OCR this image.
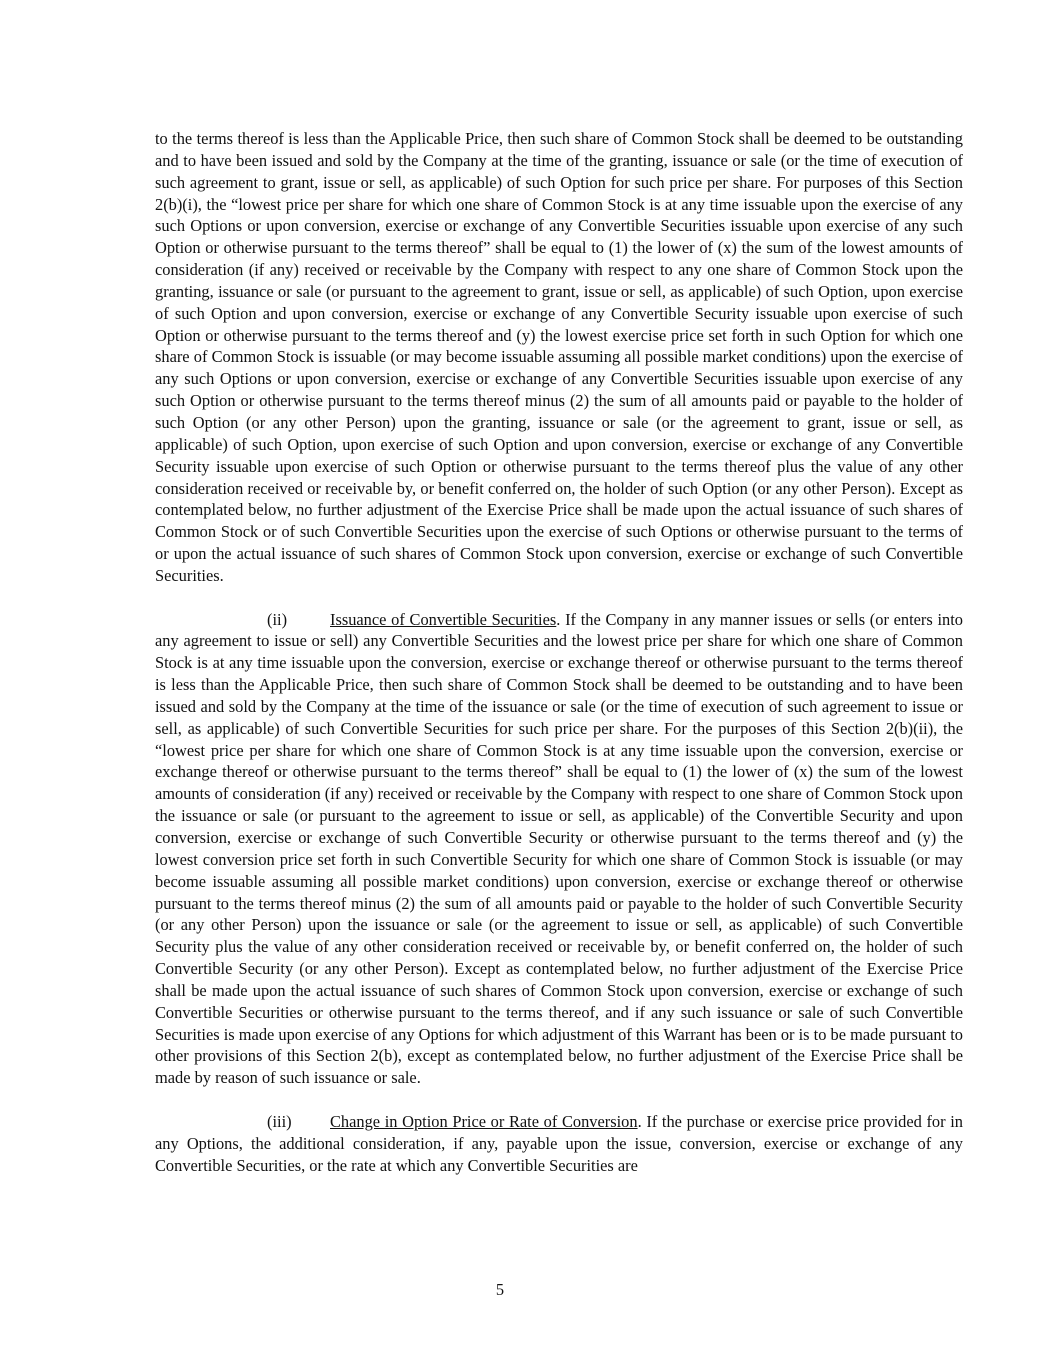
to the terms thereof is less than the Applicable Price, then such share of Common Stock shall be deemed to be outstanding and to have been issued and sold by the Company at the time of the granting, issuance or sale (or the time of execution of such agreement to grant, issue or sell, as applicable) of such Option for such price per share. For purposes of this Section 2(b)(i), the “lowest price per share for which one share of Common Stock is at any time issuable upon the exercise of any such Options or upon conversion, exercise or exchange of any Convertible Securities issuable upon exercise of any such Option or otherwise pursuant to the terms thereof” shall be equal to (1) the lower of (x) the sum of the lowest amounts of consideration (if any) received or receivable by the Company with respect to any one share of Common Stock upon the granting, issuance or sale (or pursuant to the agreement to grant, issue or sell, as applicable) of such Option, upon exercise of such Option and upon conversion, exercise or exchange of any Convertible Security issuable upon exercise of such Option or otherwise pursuant to the terms thereof and (y) the lowest exercise price set forth in such Option for which one share of Common Stock is issuable (or may become issuable assuming all possible market conditions) upon the exercise of any such Options or upon conversion, exercise or exchange of any Convertible Securities issuable upon exercise of any such Option or otherwise pursuant to the terms thereof minus (2) the sum of all amounts paid or payable to the holder of such Option (or any other Person) upon the granting, issuance or sale (or the agreement to grant, issue or sell, as applicable) of such Option, upon exercise of such Option and upon conversion, exercise or exchange of any Convertible Security issuable upon exercise of such Option or otherwise pursuant to the terms thereof plus the value of any other consideration received or receivable by, or benefit conferred on, the holder of such Option (or any other Person). Except as contemplated below, no further adjustment of the Exercise Price shall be made upon the actual issuance of such shares of Common Stock or of such Convertible Securities upon the exercise of such Options or otherwise pursuant to the terms of or upon the actual issuance of such shares of Common Stock upon conversion, exercise or exchange of such Convertible Securities.

(ii)	Issuance of Convertible Securities. If the Company in any manner issues or sells (or enters into any agreement to issue or sell) any Convertible Securities and the lowest price per share for which one share of Common Stock is at any time issuable upon the conversion, exercise or exchange thereof or otherwise pursuant to the terms thereof is less than the Applicable Price, then such share of Common Stock shall be deemed to be outstanding and to have been issued and sold by the Company at the time of the issuance or sale (or the time of execution of such agreement to issue or sell, as applicable) of such Convertible Securities for such price per share. For the purposes of this Section 2(b)(ii), the “lowest price per share for which one share of Common Stock is at any time issuable upon the conversion, exercise or exchange thereof or otherwise pursuant to the terms thereof” shall be equal to (1) the lower of (x) the sum of the lowest amounts of consideration (if any) received or receivable by the Company with respect to one share of Common Stock upon the issuance or sale (or pursuant to the agreement to issue or sell, as applicable) of the Convertible Security and upon conversion, exercise or exchange of such Convertible Security or otherwise pursuant to the terms thereof and (y) the lowest conversion price set forth in such Convertible Security for which one share of Common Stock is issuable (or may become issuable assuming all possible market conditions) upon conversion, exercise or exchange thereof or otherwise pursuant to the terms thereof minus (2) the sum of all amounts paid or payable to the holder of such Convertible Security (or any other Person) upon the issuance or sale (or the agreement to issue or sell, as applicable) of such Convertible Security plus the value of any other consideration received or receivable by, or benefit conferred on, the holder of such Convertible Security (or any other Person). Except as contemplated below, no further adjustment of the Exercise Price shall be made upon the actual issuance of such shares of Common Stock upon conversion, exercise or exchange of such Convertible Securities or otherwise pursuant to the terms thereof, and if any such issuance or sale of such Convertible Securities is made upon exercise of any Options for which adjustment of this Warrant has been or is to be made pursuant to other provisions of this Section 2(b), except as contemplated below, no further adjustment of the Exercise Price shall be made by reason of such issuance or sale.

(iii) Change in Option Price or Rate of Conversion. If the purchase or exercise price provided for in any Options, the additional consideration, if any, payable upon the issue, conversion, exercise or exchange of any Convertible Securities, or the rate at which any Convertible Securities are

5
